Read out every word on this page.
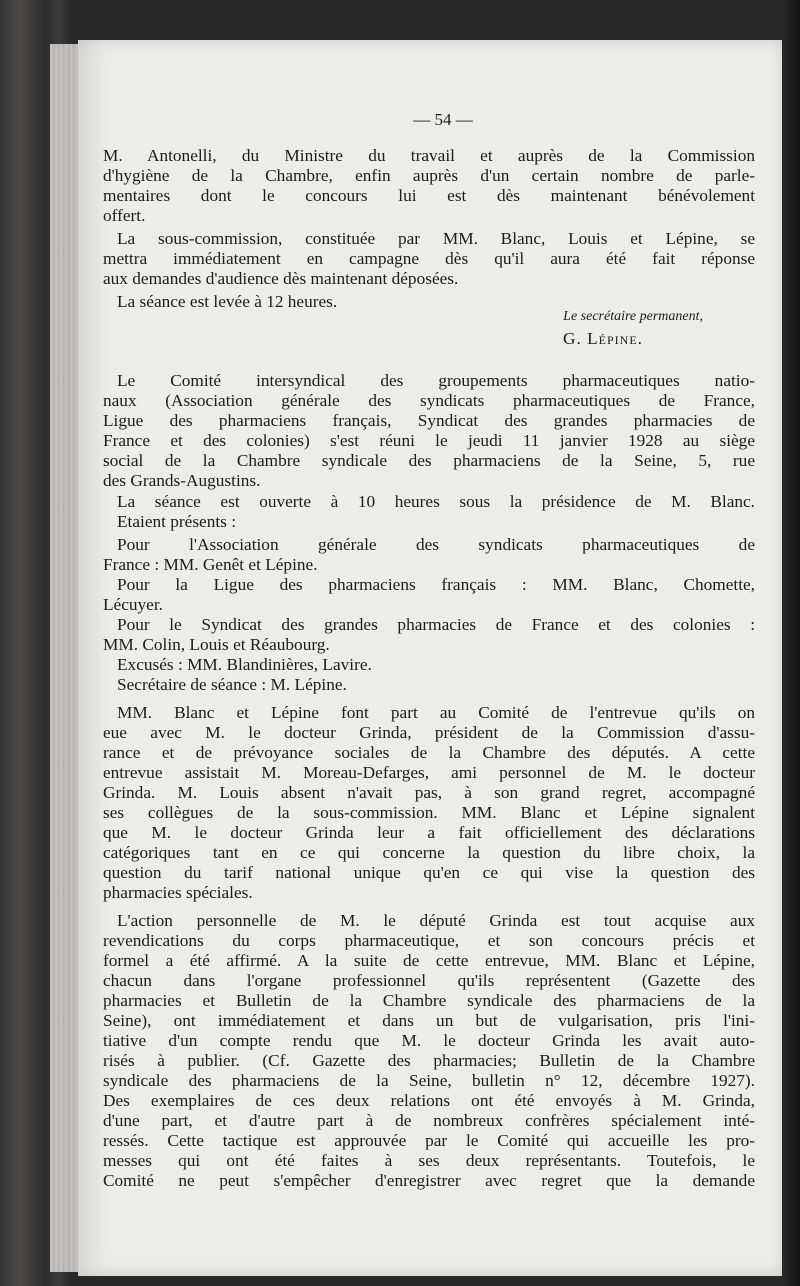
— 54 —
M. Antonelli, du Ministre du travail et auprès de la Commission
d'hygiène de la Chambre, enfin auprès d'un certain nombre de parle-
mentaires dont le concours lui est dès maintenant bénévolement
offert.
La sous-commission, constituée par MM. Blanc, Louis et Lépine, se
mettra immédiatement en campagne dès qu'il aura été fait réponse
aux demandes d'audience dès maintenant déposées.
La séance est levée à 12 heures.
Le secrétaire permanent,
G. Lépine.
Le Comité intersyndical des groupements pharmaceutiques natio-
naux (Association générale des syndicats pharmaceutiques de France,
Ligue des pharmaciens français, Syndicat des grandes pharmacies de
France et des colonies) s'est réuni le jeudi 11 janvier 1928 au siège
social de la Chambre syndicale des pharmaciens de la Seine, 5, rue
des Grands-Augustins.
La séance est ouverte à 10 heures sous la présidence de M. Blanc.
Etaient présents :
Pour l'Association générale des syndicats pharmaceutiques de
France : MM. Genêt et Lépine.
Pour la Ligue des pharmaciens français : MM. Blanc, Chomette,
Lécuyer.
Pour le Syndicat des grandes pharmacies de France et des colonies :
MM. Colin, Louis et Réaubourg.
Excusés : MM. Blandinières, Lavire.
Secrétaire de séance : M. Lépine.
MM. Blanc et Lépine font part au Comité de l'entrevue qu'ils on
eue avec M. le docteur Grinda, président de la Commission d'assu-
rance et de prévoyance sociales de la Chambre des députés. A cette
entrevue assistait M. Moreau-Defarges, ami personnel de M. le docteur
Grinda. M. Louis absent n'avait pas, à son grand regret, accompagné
ses collègues de la sous-commission. MM. Blanc et Lépine signalent
que M. le docteur Grinda leur a fait officiellement des déclarations
catégoriques tant en ce qui concerne la question du libre choix, la
question du tarif national unique qu'en ce qui vise la question des
pharmacies spéciales.
L'action personnelle de M. le député Grinda est tout acquise aux
revendications du corps pharmaceutique, et son concours précis et
formel a été affirmé. A la suite de cette entrevue, MM. Blanc et Lépine,
chacun dans l'organe professionnel qu'ils représentent (Gazette des
pharmacies et Bulletin de la Chambre syndicale des pharmaciens de la
Seine), ont immédiatement et dans un but de vulgarisation, pris l'ini-
tiative d'un compte rendu que M. le docteur Grinda les avait auto-
risés à publier. (Cf. Gazette des pharmacies; Bulletin de la Chambre
syndicale des pharmaciens de la Seine, bulletin n° 12, décembre 1927).
Des exemplaires de ces deux relations ont été envoyés à M. Grinda,
d'une part, et d'autre part à de nombreux confrères spécialement inté-
ressés. Cette tactique est approuvée par le Comité qui accueille les pro-
messes qui ont été faites à ses deux représentants. Toutefois, le
Comité ne peut s'empêcher d'enregistrer avec regret que la demande
